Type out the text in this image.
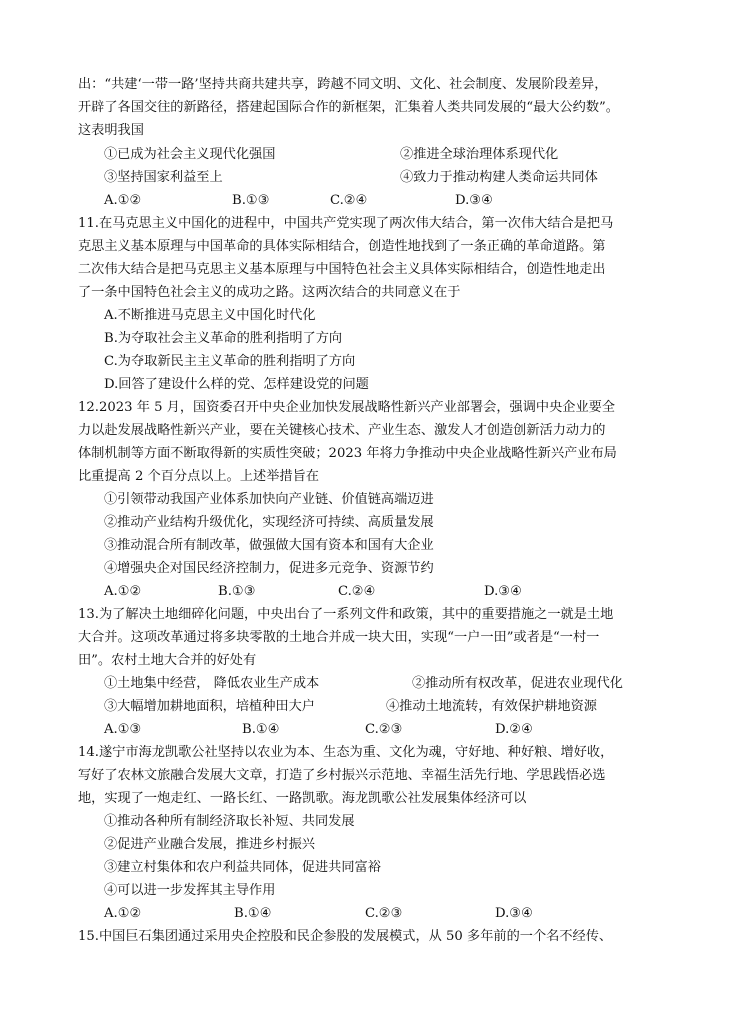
出：“共建‘一带一路’坚持共商共建共享，跨越不同文明、文化、社会制度、发展阶段差异，
开辟了各国交往的新路径，搭建起国际合作的新框架，汇集着人类共同发展的“最大公约数”。
这表明我国
①已成为社会主义现代化强国	②推进全球治理体系现代化
③坚持国家利益至上	④致力于推动构建人类命运共同体
A.①②	B.①③	C.②④	D.③④
11.在马克思主义中国化的进程中，中国共产党实现了两次伟大结合，第一次伟大结合是把马
克思主义基本原理与中国革命的具体实际相结合，创造性地找到了一条正确的革命道路。第
二次伟大结合是把马克思主义基本原理与中国特色社会主义具体实际相结合，创造性地走出
了一条中国特色社会主义的成功之路。这两次结合的共同意义在于
A.不断推进马克思主义中国化时代化
B.为夺取社会主义革命的胜利指明了方向
C.为夺取新民主主义革命的胜利指明了方向
D.回答了建设什么样的党、怎样建设党的问题
12.2023 年 5 月，国资委召开中央企业加快发展战略性新兴产业部署会，强调中央企业要全
力以赴发展战略性新兴产业，要在关键核心技术、产业生态、激发人才创造创新活力动力的
体制机制等方面不断取得新的实质性突破；2023 年将力争推动中央企业战略性新兴产业布局
比重提高 2 个百分点以上。上述举措旨在
①引领带动我国产业体系加快向产业链、价值链高端迈进
②推动产业结构升级优化，实现经济可持续、高质量发展
③推动混合所有制改革，做强做大国有资本和国有大企业
④增强央企对国民经济控制力，促进多元竞争、资源节约
A.①②	B.①③	C.②④	D.③④
13.为了解决土地细碎化问题，中央出台了一系列文件和政策，其中的重要措施之一就是土地
大合并。这项改革通过将多块零散的土地合并成一块大田，实现“一户一田”或者是“一村一
田”。农村土地大合并的好处有
①土地集中经营， 降低农业生产成本	②推动所有权改革，促进农业现代化
③大幅增加耕地面积，培植种田大户	④推动土地流转，有效保护耕地资源
A.①③	B.①④	C.②③	D.②④
14.遂宁市海龙凯歌公社坚持以农业为本、生态为重、文化为魂，守好地、种好粮、增好收，
写好了农林文旅融合发展大文章，打造了乡村振兴示范地、幸福生活先行地、学思践悟必选
地，实现了一炮走红、一路长红、一路凯歌。海龙凯歌公社发展集体经济可以
①推动各种所有制经济取长补短、共同发展
②促进产业融合发展，推进乡村振兴
③建立村集体和农户利益共同体，促进共同富裕
④可以进一步发挥其主导作用
A.①②	B.①④	C.②③	D.③④
15.中国巨石集团通过采用央企控股和民企参股的发展模式，从 50 多年前的一个名不经传、
